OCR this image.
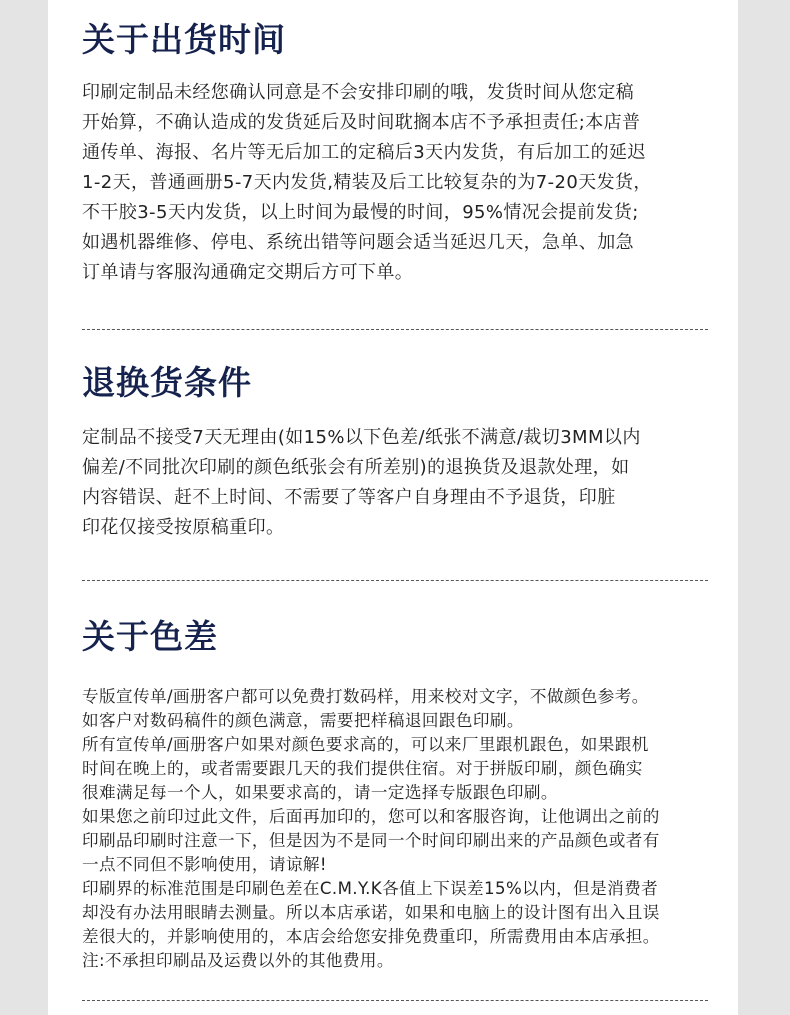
关于出货时间
印刷定制品未经您确认同意是不会安排印刷的哦，发货时间从您定稿
开始算，不确认造成的发货延后及时间耽搁本店不予承担责任;本店普
通传单、海报、名片等无后加工的定稿后3天内发货，有后加工的延迟
1-2天，普通画册5-7天内发货,精装及后工比较复杂的为7-20天发货，
不干胶3-5天内发货，以上时间为最慢的时间，95%情况会提前发货;
如遇机器维修、停电、系统出错等问题会适当延迟几天，急单、加急
订单请与客服沟通确定交期后方可下单。
退换货条件
定制品不接受7天无理由(如15%以下色差/纸张不满意/裁切3MM以内
偏差/不同批次印刷的颜色纸张会有所差别)的退换货及退款处理，如
内容错误、赶不上时间、不需要了等客户自身理由不予退货，印脏
印花仅接受按原稿重印。
关于色差
专版宣传单/画册客户都可以免费打数码样，用来校对文字，不做颜色参考。
如客户对数码稿件的颜色满意，需要把样稿退回跟色印刷。
所有宣传单/画册客户如果对颜色要求高的，可以来厂里跟机跟色，如果跟机
时间在晚上的，或者需要跟几天的我们提供住宿。对于拼版印刷，颜色确实
很难满足每一个人，如果要求高的，请一定选择专版跟色印刷。
如果您之前印过此文件，后面再加印的，您可以和客服咨询，让他调出之前的
印刷品印刷时注意一下，但是因为不是同一个时间印刷出来的产品颜色或者有
一点不同但不影响使用，请谅解!
印刷界的标准范围是印刷色差在C.M.Y.K各值上下误差15%以内，但是消费者
却没有办法用眼睛去测量。所以本店承诺，如果和电脑上的设计图有出入且误
差很大的，并影响使用的，本店会给您安排免费重印，所需费用由本店承担。
注:不承担印刷品及运费以外的其他费用。
